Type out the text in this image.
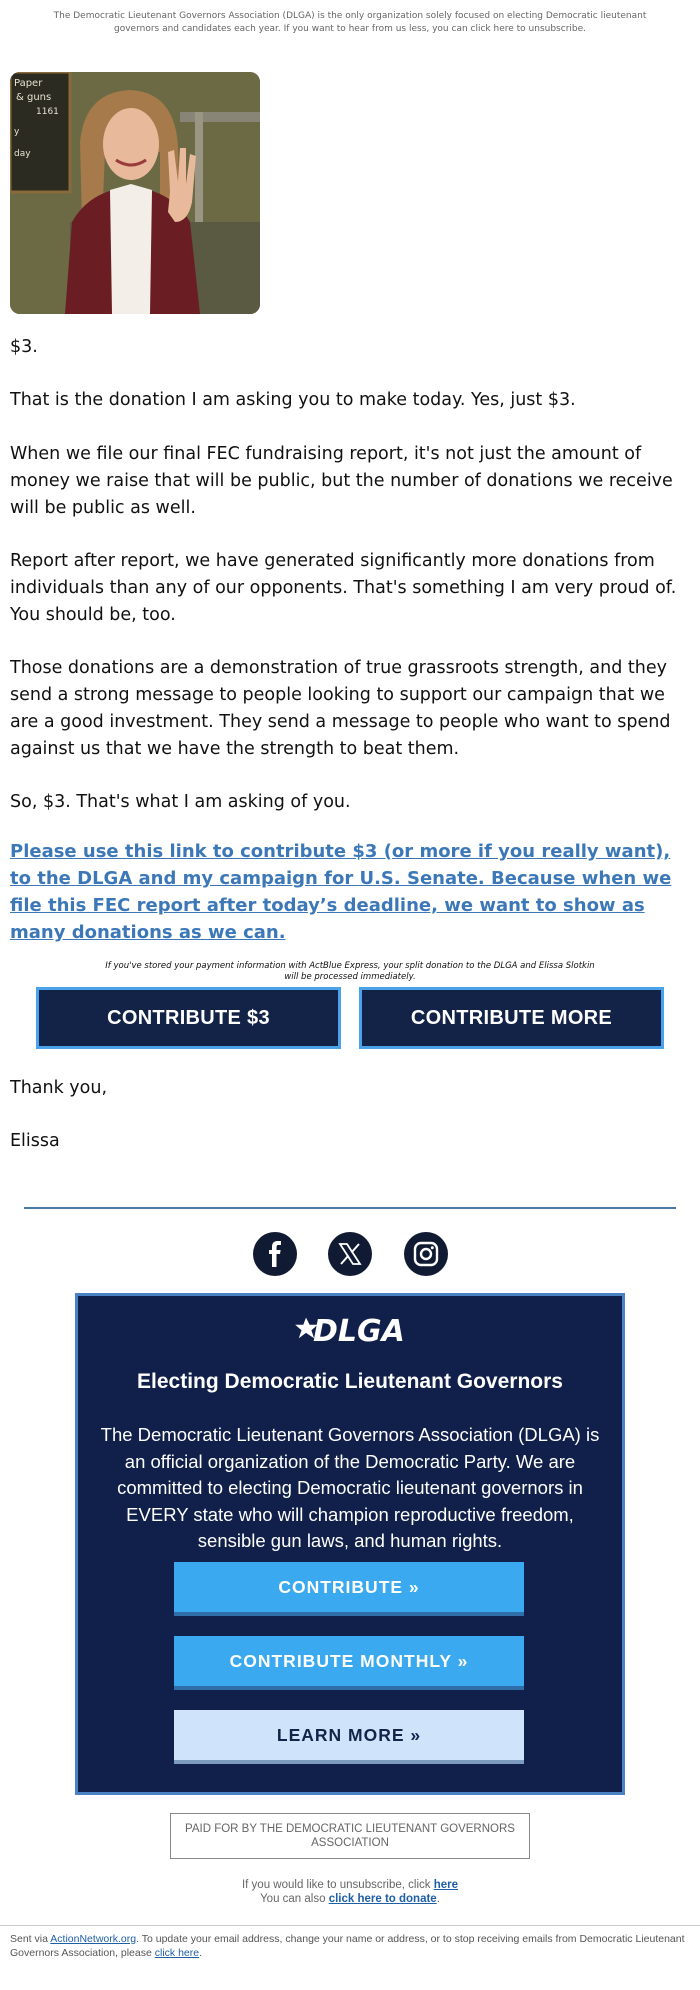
The Democratic Lieutenant Governors Association (DLGA) is the only organization solely focused on electing Democratic lieutenant governors and candidates each year. If you want to hear from us less, you can click here to unsubscribe.
Paper
& guns
1161
y
day
$3.
That is the donation I am asking you to make today. Yes, just $3.
When we file our final FEC fundraising report, it's not just the amount of money we raise that will be public, but the number of donations we receive will be public as well.
Report after report, we have generated significantly more donations from individuals than any of our opponents. That's something I am very proud of. You should be, too.
Those donations are a demonstration of true grassroots strength, and they send a strong message to people looking to support our campaign that we are a good investment. They send a message to people who want to spend against us that we have the strength to beat them.
So, $3. That's what I am asking of you.
Please use this link to contribute $3 (or more if you really want), to the DLGA and my campaign for U.S. Senate. Because when we file this FEC report after today’s deadline, we want to show as many donations as we can.
If you've stored your payment information with ActBlue Express, your split donation to the DLGA and Elissa Slotkin will be processed immediately.
CONTRIBUTE $3	CONTRIBUTE MORE
Thank you,
Elissa
DLGA
Electing Democratic Lieutenant Governors
The Democratic Lieutenant Governors Association (DLGA) is an official organization of the Democratic Party. We are committed to electing Democratic lieutenant governors in EVERY state who will champion reproductive freedom, sensible gun laws, and human rights.
CONTRIBUTE »
CONTRIBUTE MONTHLY »
LEARN MORE »
PAID FOR BY THE DEMOCRATIC LIEUTENANT GOVERNORS ASSOCIATION
If you would like to unsubscribe, click here
You can also click here to donate.
Sent via ActionNetwork.org. To update your email address, change your name or address, or to stop receiving emails from Democratic Lieutenant Governors Association, please click here.
